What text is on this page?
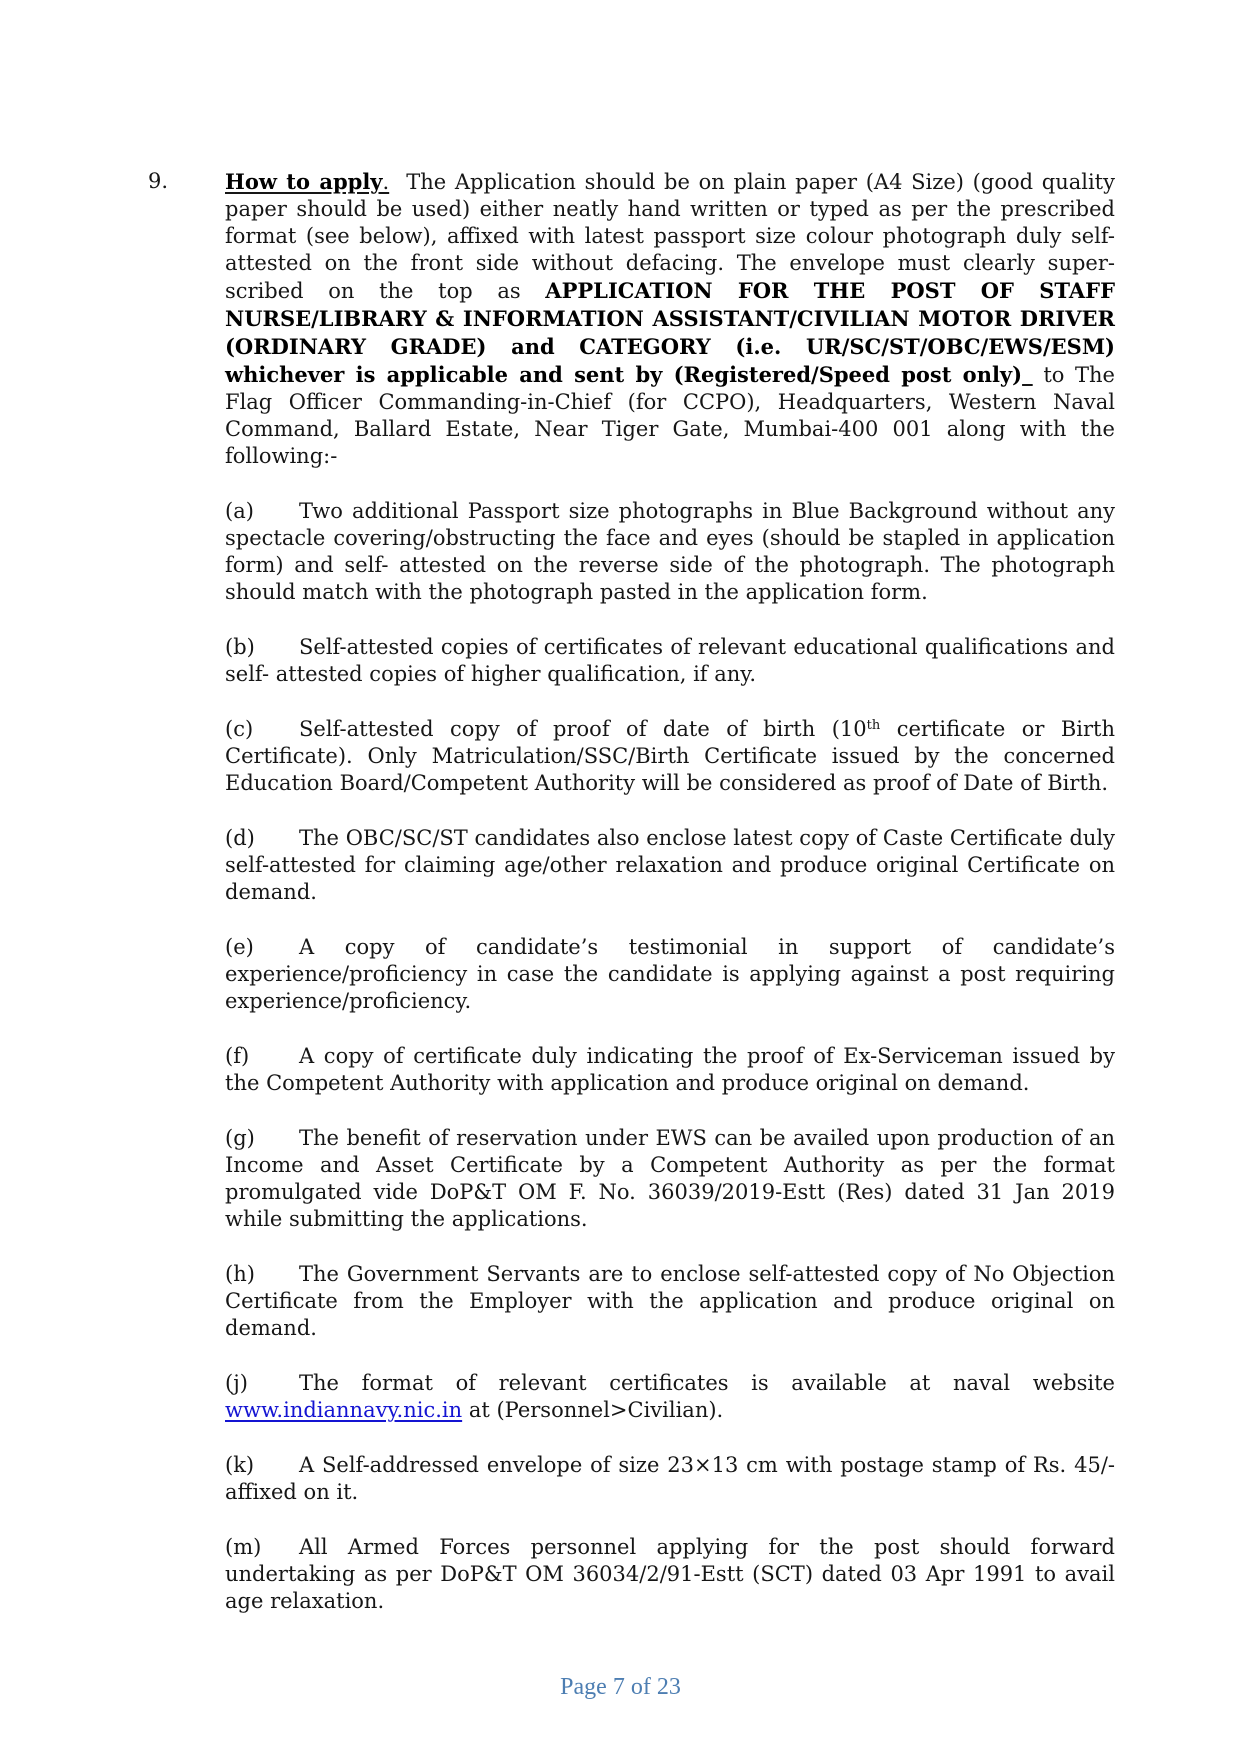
9.	How to apply. The Application should be on plain paper (A4 Size) (good quality paper should be used) either neatly hand written or typed as per the prescribed format (see below), affixed with latest passport size colour photograph duly self-attested on the front side without defacing. The envelope must clearly super-scribed on the top as APPLICATION FOR THE POST OF STAFF NURSE/LIBRARY & INFORMATION ASSISTANT/CIVILIAN MOTOR DRIVER (ORDINARY GRADE) and CATEGORY (i.e. UR/SC/ST/OBC/EWS/ESM) whichever is applicable and sent by (Registered/Speed post only) to The Flag Officer Commanding-in-Chief (for CCPO), Headquarters, Western Naval Command, Ballard Estate, Near Tiger Gate, Mumbai-400 001 along with the following:-

(a) Two additional Passport size photographs in Blue Background without any spectacle covering/obstructing the face and eyes (should be stapled in application form) and self- attested on the reverse side of the photograph. The photograph should match with the photograph pasted in the application form.

(b) Self-attested copies of certificates of relevant educational qualifications and self- attested copies of higher qualification, if any.

(c) Self-attested copy of proof of date of birth (10th certificate or Birth Certificate). Only Matriculation/SSC/Birth Certificate issued by the concerned Education Board/Competent Authority will be considered as proof of Date of Birth.

(d) The OBC/SC/ST candidates also enclose latest copy of Caste Certificate duly self-attested for claiming age/other relaxation and produce original Certificate on demand.

(e) A copy of candidate’s testimonial in support of candidate’s experience/proficiency in case the candidate is applying against a post requiring experience/proficiency.

(f) A copy of certificate duly indicating the proof of Ex-Serviceman issued by the Competent Authority with application and produce original on demand.

(g) The benefit of reservation under EWS can be availed upon production of an Income and Asset Certificate by a Competent Authority as per the format promulgated vide DoP&T OM F. No. 36039/2019-Estt (Res) dated 31 Jan 2019 while submitting the applications.

(h) The Government Servants are to enclose self-attested copy of No Objection Certificate from the Employer with the application and produce original on demand.

(j) The format of relevant certificates is available at naval website www.indiannavy.nic.in at (Personnel>Civilian).

(k) A Self-addressed envelope of size 23×13 cm with postage stamp of Rs. 45/- affixed on it.

(m) All Armed Forces personnel applying for the post should forward undertaking as per DoP&T OM 36034/2/91-Estt (SCT) dated 03 Apr 1991 to avail age relaxation.

Page 7 of 23
